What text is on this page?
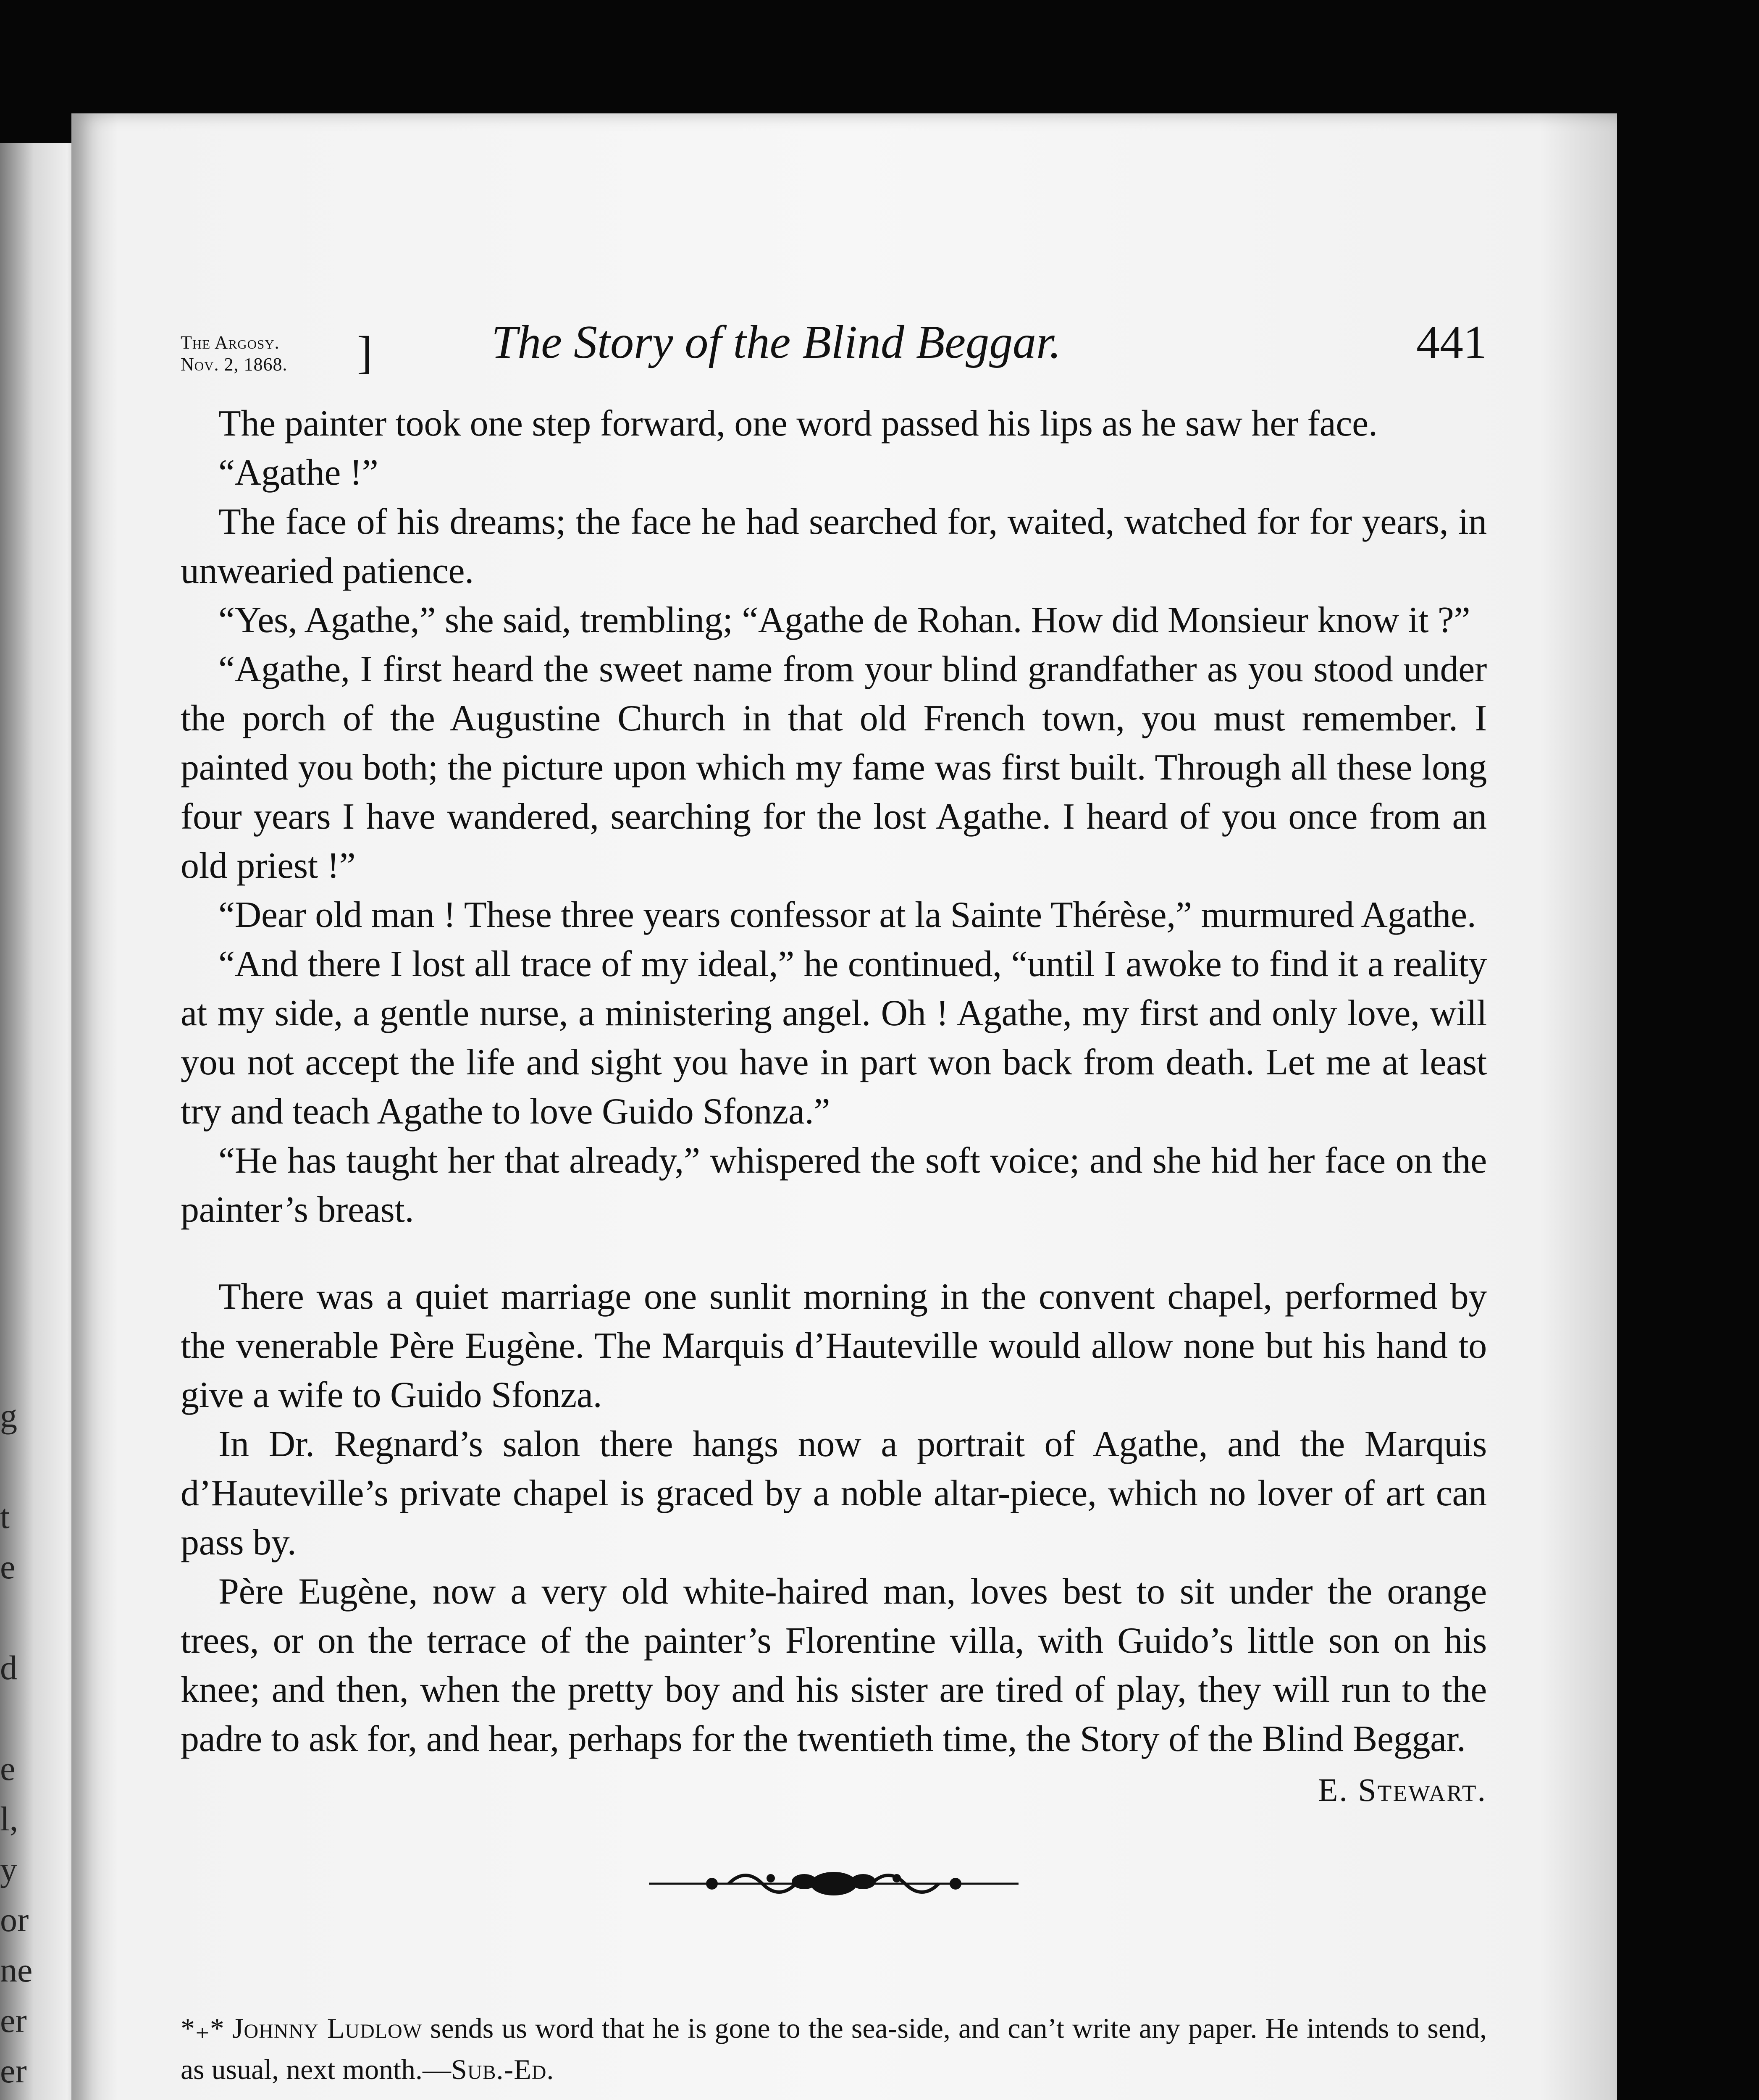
g
t
e
d
e
l,
y
or
ne
er
er
The Argosy.
Nov. 2, 1868. ]	The Story of the Blind Beggar.	441

The painter took one step forward, one word passed his lips as he saw her face.

“Agathe !”

The face of his dreams; the face he had searched for, waited, watched for for years, in unwearied patience.

“Yes, Agathe,” she said, trembling; “Agathe de Rohan. How did Monsieur know it ?”

“Agathe, I first heard the sweet name from your blind grandfather as you stood under the porch of the Augustine Church in that old French town, you must remember. I painted you both; the picture upon which my fame was first built. Through all these long four years I have wandered, searching for the lost Agathe. I heard of you once from an old priest !”

“Dear old man ! These three years confessor at la Sainte Thérèse,” murmured Agathe.

“And there I lost all trace of my ideal,” he continued, “until I awoke to find it a reality at my side, a gentle nurse, a ministering angel. Oh ! Agathe, my first and only love, will you not accept the life and sight you have in part won back from death. Let me at least try and teach Agathe to love Guido Sfonza.”

“He has taught her that already,” whispered the soft voice; and she hid her face on the painter’s breast.

There was a quiet marriage one sunlit morning in the convent chapel, performed by the venerable Père Eugène. The Marquis d’Hauteville would allow none but his hand to give a wife to Guido Sfonza.

In Dr. Regnard’s salon there hangs now a portrait of Agathe, and the Marquis d’Hauteville’s private chapel is graced by a noble altar-piece, which no lover of art can pass by.

Père Eugène, now a very old white-haired man, loves best to sit under the orange trees, or on the terrace of the painter’s Florentine villa, with Guido’s little son on his knee; and then, when the pretty boy and his sister are tired of play, they will run to the padre to ask for, and hear, perhaps for the twentieth time, the Story of the Blind Beggar.

E. Stewart.
*₊* Johnny Ludlow sends us word that he is gone to the sea-side, and can’t write any paper. He intends to send, as usual, next month.—Sub.-Ed.
